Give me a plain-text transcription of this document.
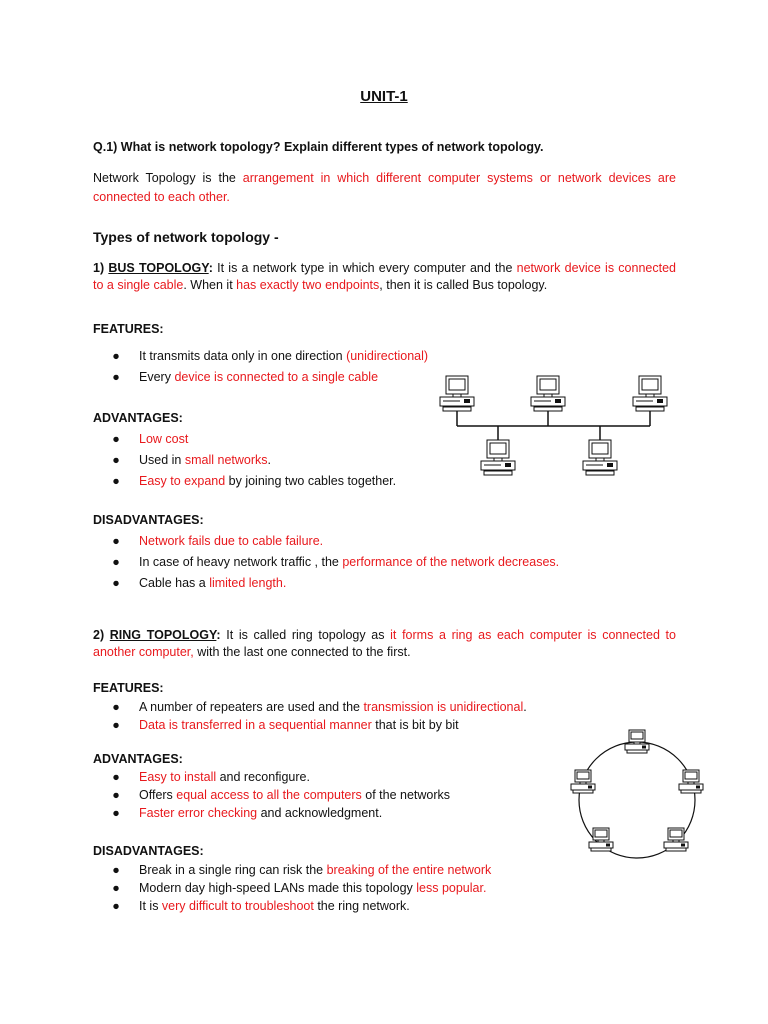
UNIT-1
Q.1) What is network topology? Explain different types of network topology.
Network Topology is the arrangement in which different computer systems or network devices are connected to each other.
Types of network topology -
1) BUS TOPOLOGY: It is a network type in which every computer and the network device is connected to a single cable. When it has exactly two endpoints, then it is called Bus topology.
FEATURES:
● It transmits data only in one direction (unidirectional)
● Every device is connected to a single cable
ADVANTAGES:
● Low cost
● Used in small networks.
● Easy to expand by joining two cables together.
DISADVANTAGES:
● Network fails due to cable failure.
● In case of heavy network traffic , the performance of the network decreases.
● Cable has a limited length.
2) RING TOPOLOGY: It is called ring topology as it forms a ring as each computer is connected to another computer, with the last one connected to the first.
FEATURES:
● A number of repeaters are used and the transmission is unidirectional.
● Data is transferred in a sequential manner that is bit by bit
ADVANTAGES:
● Easy to install and reconfigure.
● Offers equal access to all the computers of the networks
● Faster error checking and acknowledgment.
DISADVANTAGES:
● Break in a single ring can risk the breaking of the entire network
● Modern day high-speed LANs made this topology less popular.
● It is very difficult to troubleshoot the ring network.
